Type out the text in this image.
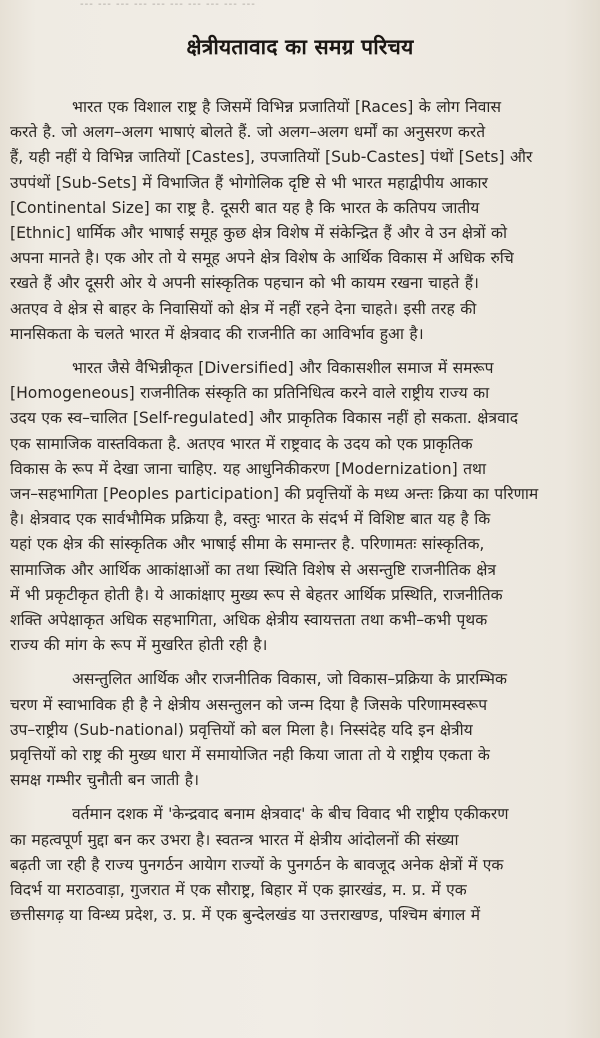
--- --- --- --- --- --- --- --- --- ---
क्षेत्रीयतावाद का समग्र परिचय
भारत एक विशाल राष्ट्र है जिसमें विभिन्न प्रजातियों [Races] के लोग निवास
करते है. जो अलग–अलग भाषाएं बोलते हैं. जो अलग–अलग धर्मों का अनुसरण करते
हैं, यही नहीं ये विभिन्न जातियों [Castes], उपजातियों [Sub-Castes] पंथों [Sets] और
उपपंथों [Sub-Sets] में विभाजित हैं भोगोलिक दृष्टि से भी भारत महाद्वीपीय आकार
[Continental Size] का राष्ट्र है. दूसरी बात यह है कि भारत के कतिपय जातीय
[Ethnic] धार्मिक और भाषाई समूह कुछ क्षेत्र विशेष में संकेन्द्रित हैं और वे उन क्षेत्रों को
अपना मानते है। एक ओर तो ये समूह अपने क्षेत्र विशेष के आर्थिक विकास में अधिक रुचि
रखते हैं और दूसरी ओर ये अपनी सांस्कृतिक पहचान को भी कायम रखना चाहते हैं।
अतएव वे क्षेत्र से बाहर के निवासियों को क्षेत्र में नहीं रहने देना चाहते। इसी तरह की
मानसिकता के चलते भारत में क्षेत्रवाद की राजनीति का आविर्भाव हुआ है।
भारत जैसे वैभिन्नीकृत [Diversified] और विकासशील समाज में समरूप
[Homogeneous] राजनीतिक संस्कृति का प्रतिनिधित्व करने वाले राष्ट्रीय राज्य का
उदय एक स्व–चालित [Self-regulated] और प्राकृतिक विकास नहीं हो सकता. क्षेत्रवाद
एक सामाजिक वास्तविकता है. अतएव भारत में राष्ट्रवाद के उदय को एक प्राकृतिक
विकास के रूप में देखा जाना चाहिए. यह आधुनिकीकरण [Modernization] तथा
जन–सहभागिता [Peoples participation] की प्रवृत्तियों के मध्य अन्तः क्रिया का परिणाम
है। क्षेत्रवाद एक सार्वभौमिक प्रक्रिया है, वस्तुः भारत के संदर्भ में विशिष्ट बात यह है कि
यहां एक क्षेत्र की सांस्कृतिक और भाषाई सीमा के समान्तर है. परिणामतः सांस्कृतिक,
सामाजिक और आर्थिक आकांक्षाओं का तथा स्थिति विशेष से असन्तुष्टि राजनीतिक क्षेत्र
में भी प्रकृटीकृत होती है। ये आकांक्षाए मुख्य रूप से बेहतर आर्थिक प्रस्थिति, राजनीतिक
शक्ति अपेक्षाकृत अधिक सहभागिता, अधिक क्षेत्रीय स्वायत्तता तथा कभी–कभी पृथक
राज्य की मांग के रूप में मुखरित होती रही है।
असन्तुलित आर्थिक और राजनीतिक विकास, जो विकास–प्रक्रिया के प्रारम्भिक
चरण में स्वाभाविक ही है ने क्षेत्रीय असन्तुलन को जन्म दिया है जिसके परिणामस्वरूप
उप–राष्ट्रीय (Sub-national) प्रवृत्तियों को बल मिला है। निस्संदेह यदि इन क्षेत्रीय
प्रवृत्तियों को राष्ट्र की मुख्य धारा में समायोजित नही किया जाता तो ये राष्ट्रीय एकता के
समक्ष गम्भीर चुनौती बन जाती है।
वर्तमान दशक में 'केन्द्रवाद बनाम क्षेत्रवाद' के बीच विवाद भी राष्ट्रीय एकीकरण
का महत्वपूर्ण मुद्दा बन कर उभरा है। स्वतन्त्र भारत में क्षेत्रीय आंदोलनों की संख्या
बढ़ती जा रही है राज्य पुनगर्ठन आयेाग राज्यों के पुनगर्ठन के बावजूद अनेक क्षेत्रों में एक
विदर्भ या मराठवाड़ा, गुजरात में एक सौराष्ट्र, बिहार में एक झारखंड, म. प्र. में एक
छत्तीसगढ़ या विन्ध्य प्रदेश, उ. प्र. में एक बुन्देलखंड या उत्तराखण्ड, पश्चिम बंगाल में
